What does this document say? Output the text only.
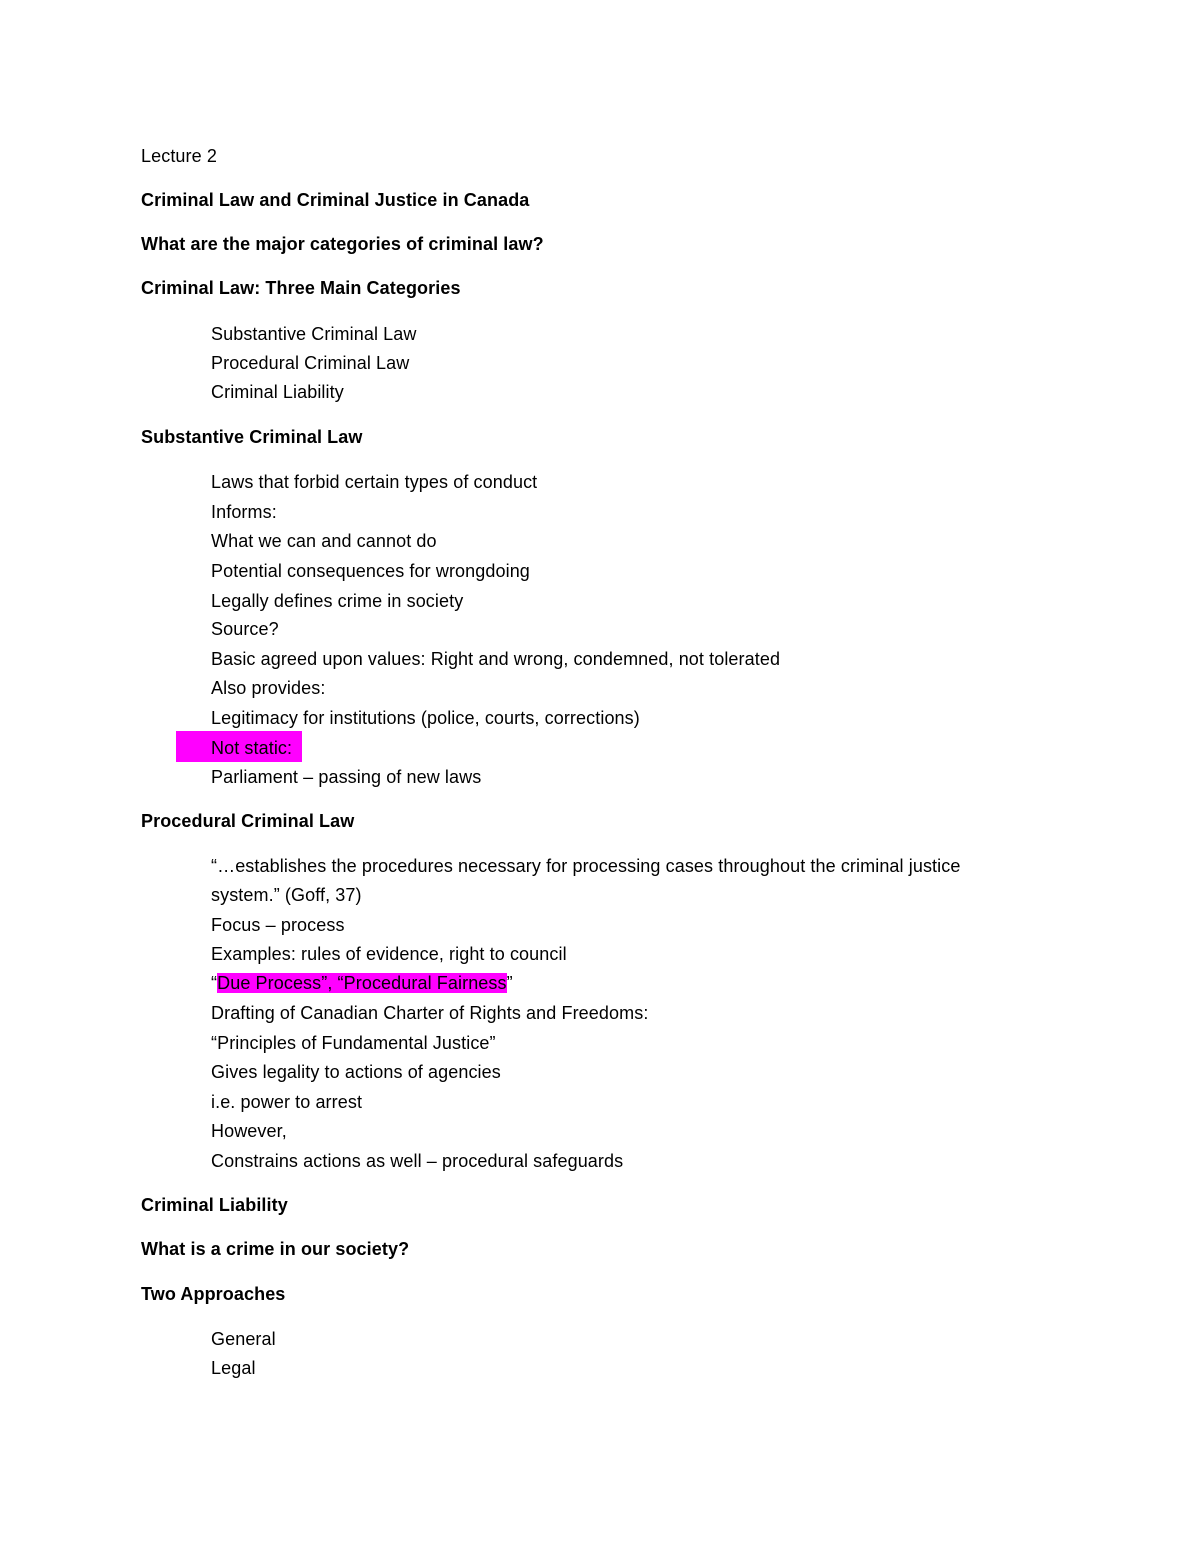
Lecture 2
Criminal Law and Criminal Justice in Canada
What are the major categories of criminal law?
Criminal Law: Three Main Categories
Substantive Criminal Law
Procedural Criminal Law
Criminal Liability
Substantive Criminal Law
Laws that forbid certain types of conduct
Informs:
What we can and cannot do
Potential consequences for wrongdoing
Legally defines crime in society
Source?
Basic agreed upon values: Right and wrong, condemned, not tolerated
Also provides:
Legitimacy for institutions (police, courts, corrections)
Not static:
Parliament – passing of new laws
Procedural Criminal Law
“…establishes the procedures necessary for processing cases throughout the criminal justice
system.” (Goff, 37)
Focus – process
Examples: rules of evidence, right to council
“Due Process”, “Procedural Fairness”
Drafting of Canadian Charter of Rights and Freedoms:
“Principles of Fundamental Justice”
Gives legality to actions of agencies
i.e. power to arrest
However,
Constrains actions as well – procedural safeguards
Criminal Liability
What is a crime in our society?
Two Approaches
General
Legal
